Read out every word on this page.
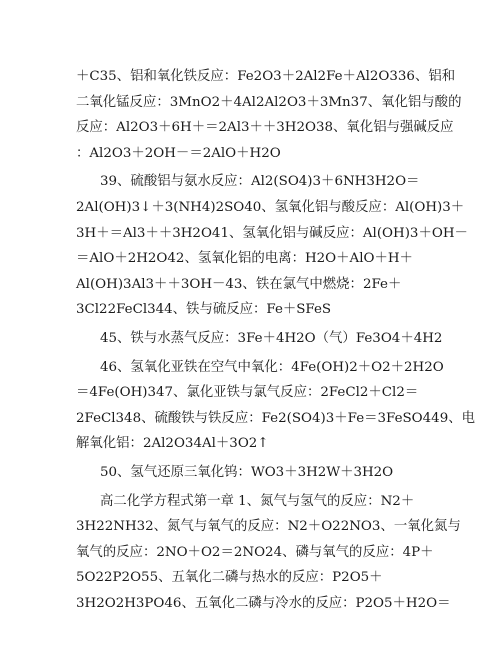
＋C35、铝和氧化铁反应：Fe2O3＋2Al2Fe＋Al2O336、铝和
二氧化锰反应：3MnO2＋4Al2Al2O3＋3Mn37、氧化铝与酸的
反应：Al2O3＋6H＋＝2Al3＋＋3H2O38、氧化铝与强碱反应
：Al2O3＋2OH－＝2AlO＋H2O
39、硫酸铝与氨水反应：Al2(SO4)3＋6NH3H2O＝
2Al(OH)3↓＋3(NH4)2SO40、氢氧化铝与酸反应：Al(OH)3＋
3H＋＝Al3＋＋3H2O41、氢氧化铝与碱反应：Al(OH)3＋OH－
＝AlO＋2H2O42、氢氧化铝的电离：H2O＋AlO＋H＋
Al(OH)3Al3＋＋3OH－43、铁在氯气中燃烧：2Fe＋
3Cl22FeCl344、铁与硫反应：Fe＋SFeS
45、铁与水蒸气反应：3Fe＋4H2O（气）Fe3O4＋4H2
46、氢氧化亚铁在空气中氧化：4Fe(OH)2＋O2＋2H2O
＝4Fe(OH)347、氯化亚铁与氯气反应：2FeCl2＋Cl2＝
2FeCl348、硫酸铁与铁反应：Fe2(SO4)3＋Fe＝3FeSO449、电
解氧化铝：2Al2O34Al＋3O2↑
50、氢气还原三氧化钨：WO3＋3H2W＋3H2O
高二化学方程式第一章 1、氮气与氢气的反应：N2＋
3H22NH32、氮气与氧气的反应：N2＋O22NO3、一氧化氮与
氧气的反应：2NO＋O2＝2NO24、磷与氧气的反应：4P＋
5O22P2O55、五氧化二磷与热水的反应：P2O5＋
3H2O2H3PO46、五氧化二磷与冷水的反应：P2O5＋H2O＝
